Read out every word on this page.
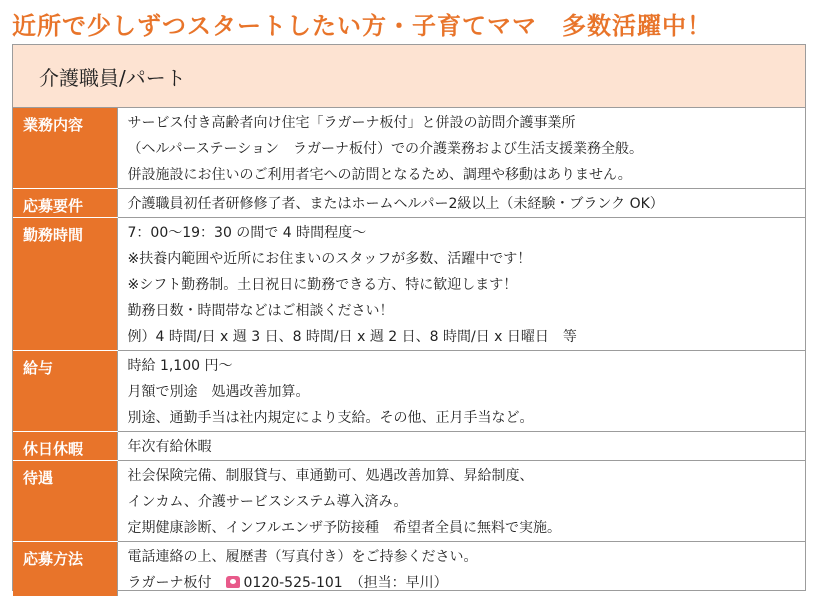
近所で少しずつスタートしたい方・子育てママ　多数活躍中！
介護職員/パート
業務内容	サービス付き高齢者向け住宅「ラガーナ板付」と併設の訪問介護事業所
（ヘルパーステーション　ラガーナ板付）での介護業務および生活支援業務全般。
併設施設にお住いのご利用者宅への訪問となるため、調理や移動はありません。

応募要件	介護職員初任者研修修了者、またはホームヘルパー2級以上（未経験・ブランク OK）

勤務時間	7：00～19：30 の間で 4 時間程度～
※扶養内範囲や近所にお住まいのスタッフが多数、活躍中です！
※シフト勤務制。土日祝日に勤務できる方、特に歓迎します！
勤務日数・時間帯などはご相談ください！
例）4 時間/日 x 週 3 日、8 時間/日 x 週 2 日、8 時間/日 x 日曜日　等

給与	時給 1,100 円～
月額で別途　処遇改善加算。
別途、通勤手当は社内規定により支給。その他、正月手当など。

休日休暇	年次有給休暇

待遇	社会保険完備、制服貸与、車通勤可、処遇改善加算、昇給制度、
インカム、介護サービスシステム導入済み。
定期健康診断、インフルエンザ予防接種　希望者全員に無料で実施。

応募方法	電話連絡の上、履歴書（写真付き）をご持参ください。
ラガーナ板付 0120-525-101　 （担当：早川）
